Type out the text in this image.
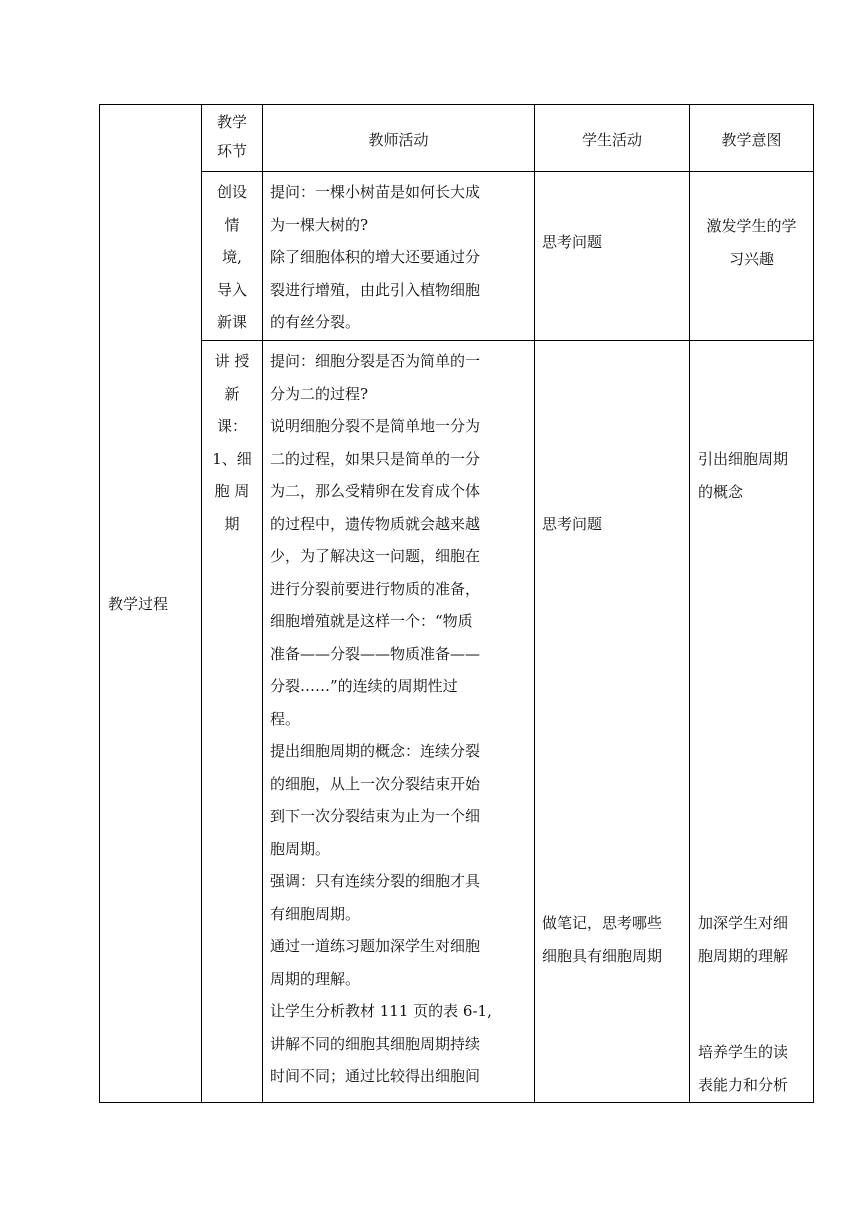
教学过程
教学
环节
教师活动	学生活动	教学意图
创设
情
境,
导入
新课
提问：一棵小树苗是如何长大成
为一棵大树的?
除了细胞体积的增大还要通过分
裂进行增殖，由此引入植物细胞
的有丝分裂。
思考问题
激发学生的学
习兴趣
讲 授
新
课：
1、细
胞 周
期
提问：细胞分裂是否为简单的一
分为二的过程?
说明细胞分裂不是简单地一分为
二的过程，如果只是简单的一分
为二，那么受精卵在发育成个体
的过程中，遗传物质就会越来越
少，为了解决这一问题，细胞在
进行分裂前要进行物质的准备，
细胞增殖就是这样一个：“物质
准备——分裂——物质准备——
分裂……”的连续的周期性过
程。
提出细胞周期的概念：连续分裂
的细胞，从上一次分裂结束开始
到下一次分裂结束为止为一个细
胞周期。
强调：只有连续分裂的细胞才具
有细胞周期。
通过一道练习题加深学生对细胞
周期的理解。
让学生分析教材 111 页的表 6-1,
讲解不同的细胞其细胞周期持续
时间不同；通过比较得出细胞间
思考问题
做笔记，思考哪些
细胞具有细胞周期
引出细胞周期
的概念
加深学生对细
胞周期的理解
培养学生的读
表能力和分析
